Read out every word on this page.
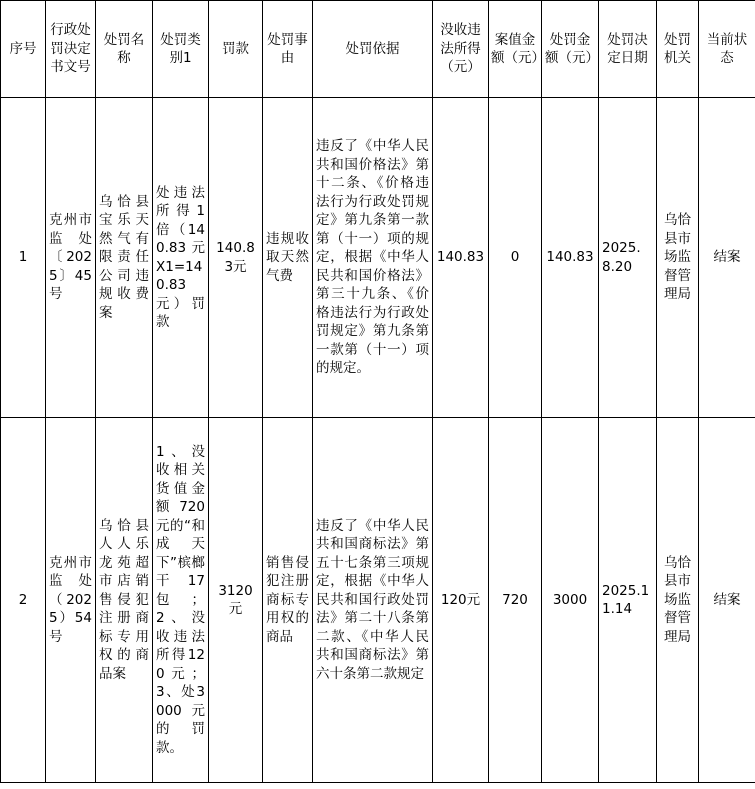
序号	行政处罚决定书文号	处罚名称	处罚类别1	罚款	处罚事由	处罚依据	没收违法所得（元）	案值金额（元）	处罚金额（元）	处罚决定日期	处罚机关	当前状态
1	克州市监处〔2025〕45号	乌恰县宝乐天然气有限责任公司违规收费案	处违法所得1倍（140.83元X1=140.83元）罚款	140.83元	违规收取天然气费	违反了《中华人民共和国价格法》第十二条、《价格违法行为行政处罚规定》第九条第一款第（十一）项的规定，根据《中华人民共和国价格法》第三十九条、《价格违法行为行政处罚规定》第九条第一款第（十一）项的规定。	140.83	0	140.83	2025.8.20	乌恰县市场监督管理局	结案
2	克州市监处（2025）54号	乌恰县人人乐龙苑超市店销售侵犯注册商标专用权的商品案	1、没收相关货值金额720元的“和成天下”槟榔干17包；2、没收违法所得120元；3、处3000元的罚款。	3120元	销售侵犯注册商标专用权的商品	违反了《中华人民共和国商标法》第五十七条第三项规定，根据《中华人民共和国行政处罚法》第二十八条第二款、《中华人民共和国商标法》第六十条第二款规定	120元	720	3000	2025.11.14	乌恰县市场监督管理局	结案
